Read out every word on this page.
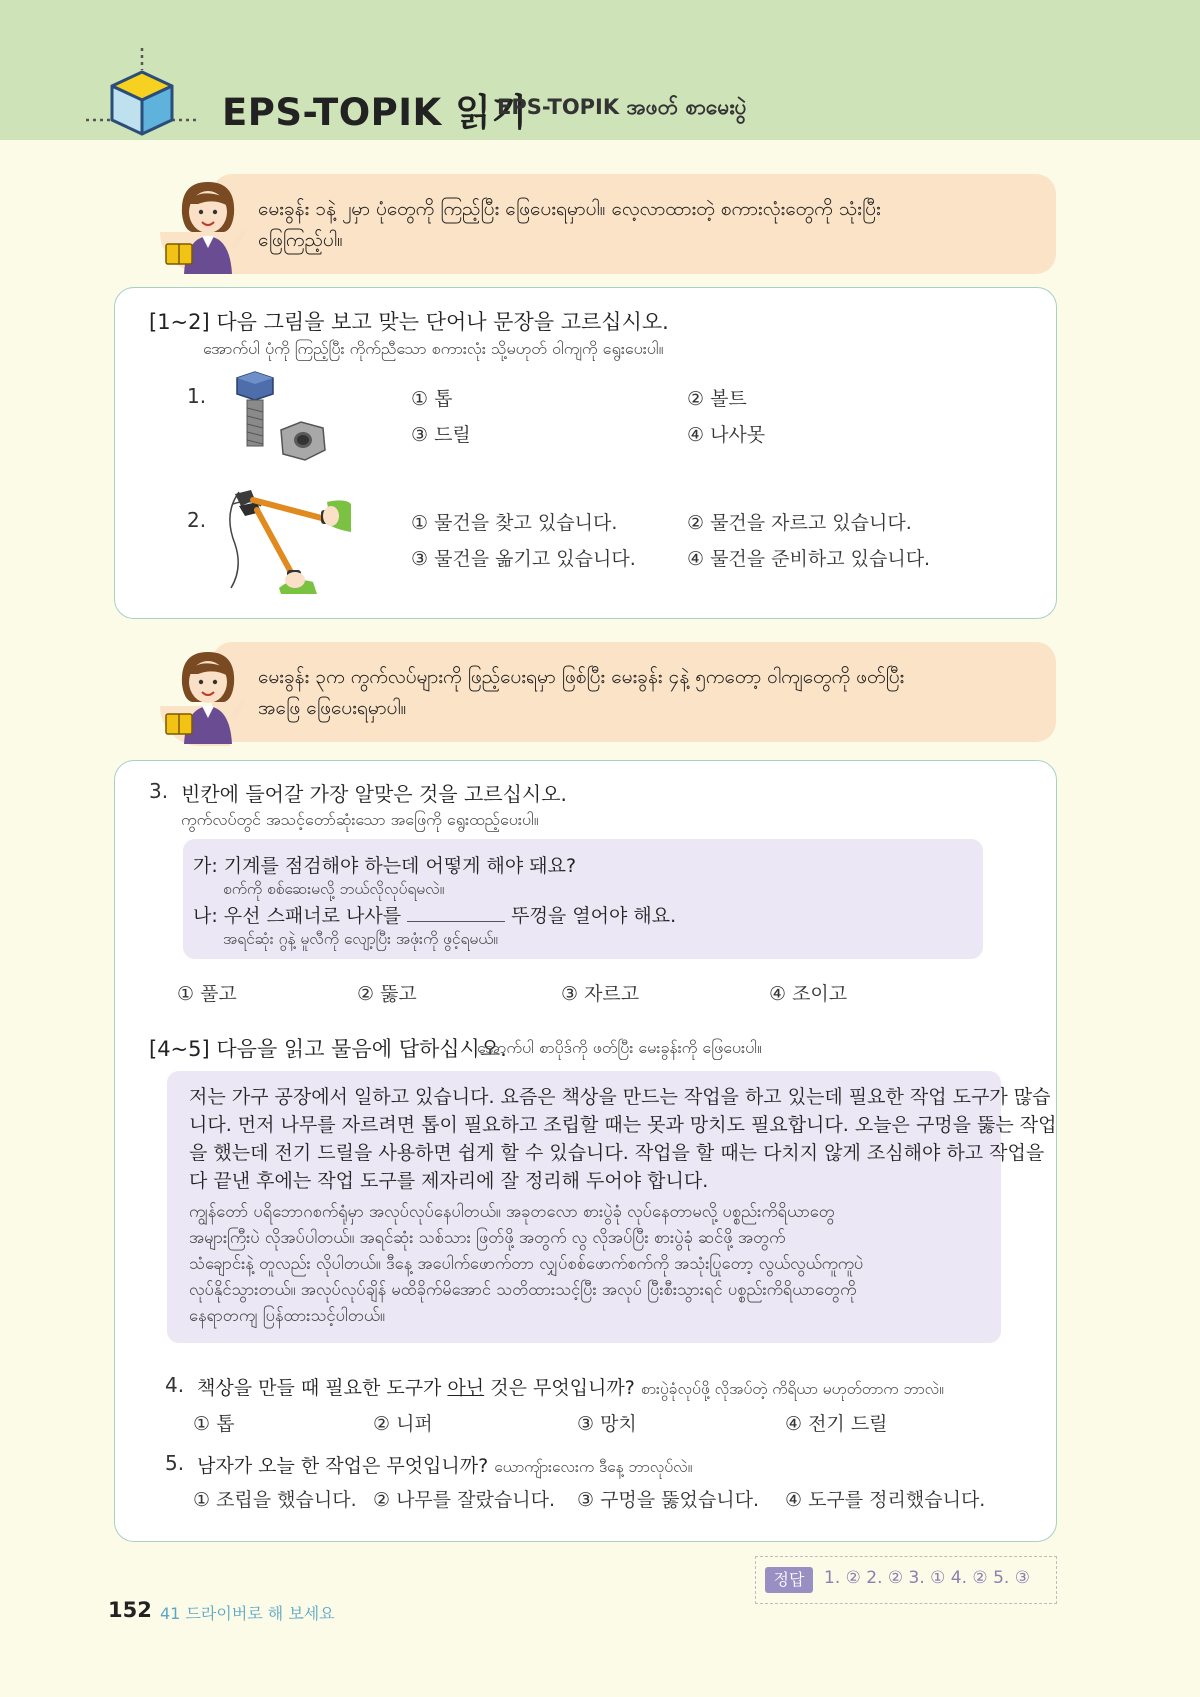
EPS-TOPIK 읽기
EPS-TOPIK အဖတ် စာမေးပွဲ
မေးခွန်း ၁နဲ့ ၂မှာ ပုံတွေကို ကြည့်ပြီး ဖြေပေးရမှာပါ။ လေ့လာထားတဲ့ စကားလုံးတွေကို သုံးပြီး
ဖြေကြည့်ပါ။
[1~2] 다음 그림을 보고 맞는 단어나 문장을 고르십시오.
အောက်ပါ ပုံကို ကြည့်ပြီး ကိုက်ညီသော စကားလုံး သို့မဟုတ် ဝါကျကို ရွေးပေးပါ။
1.	① 톱	② 볼트
③ 드릴	④ 나사못
2.	① 물건을 찾고 있습니다.	② 물건을 자르고 있습니다.
③ 물건을 옮기고 있습니다.	④ 물건을 준비하고 있습니다.
မေးခွန်း ၃က ကွက်လပ်များကို ဖြည့်ပေးရမှာ ဖြစ်ပြီး မေးခွန်း ၄နဲ့ ၅ကတော့ ဝါကျတွေကို ဖတ်ပြီး
အဖြေ ဖြေပေးရမှာပါ။
3. 빈칸에 들어갈 가장 알맞은 것을 고르십시오.
ကွက်လပ်တွင် အသင့်တော်ဆုံးသော အဖြေကို ရွေးထည့်ပေးပါ။
가: 기계를 점검해야 하는데 어떻게 해야 돼요?
စက်ကို စစ်ဆေးမလို့ ဘယ်လိုလုပ်ရမလဲ။
나: 우선 스패너로 나사를	뚜껑을 열어야 해요.
အရင်ဆုံး ဂွနဲ့ မူလီကို လျော့ပြီး အဖုံးကို ဖွင့်ရမယ်။
① 풀고	② 뚫고	③ 자르고	④ 조이고
[4~5] 다음을 읽고 물음에 답하십시오.
အောက်ပါ စာပိုဒ်ကို ဖတ်ပြီး မေးခွန်းကို ဖြေပေးပါ။
저는 가구 공장에서 일하고 있습니다. 요즘은 책상을 만드는 작업을 하고 있는데 필요한 작업 도구가 많습
니다. 먼저 나무를 자르려면 톱이 필요하고 조립할 때는 못과 망치도 필요합니다. 오늘은 구멍을 뚫는 작업
을 했는데 전기 드릴을 사용하면 쉽게 할 수 있습니다. 작업을 할 때는 다치지 않게 조심해야 하고 작업을
다 끝낸 후에는 작업 도구를 제자리에 잘 정리해 두어야 합니다.
ကျွန်တော် ပရိဘောဂစက်ရုံမှာ အလုပ်လုပ်နေပါတယ်။ အခုတလော စားပွဲခုံ လုပ်နေတာမလို့ ပစ္စည်းကိရိယာတွေ
အများကြီးပဲ လိုအပ်ပါတယ်။ အရင်ဆုံး သစ်သား ဖြတ်ဖို့ အတွက် လွ လိုအပ်ပြီး စားပွဲခုံ ဆင်ဖို့ အတွက်
သံချောင်းနဲ့ တူလည်း လိုပါတယ်။ ဒီနေ့ အပေါက်ဖောက်တာ လျှပ်စစ်ဖောက်စက်ကို အသုံးပြုတော့ လွယ်လွယ်ကူကူပဲ
လုပ်နိုင်သွားတယ်။ အလုပ်လုပ်ချိန် မထိခိုက်မိအောင် သတိထားသင့်ပြီး အလုပ် ပြီးစီးသွားရင် ပစ္စည်းကိရိယာတွေကို
နေရာတကျ ပြန်ထားသင့်ပါတယ်။
4. 책상을 만들 때 필요한 도구가 아닌 것은 무엇입니까? စားပွဲခုံလုပ်ဖို့ လိုအပ်တဲ့ ကိရိယာ မဟုတ်တာက ဘာလဲ။
① 톱	② 니퍼	③ 망치	④ 전기 드릴
5. 남자가 오늘 한 작업은 무엇입니까? ယောကျ်ားလေးက ဒီနေ့ ဘာလုပ်လဲ။
① 조립을 했습니다. ② 나무를 잘랐습니다. ③ 구멍을 뚫었습니다. ④ 도구를 정리했습니다.
정답	1. ② 2. ② 3. ① 4. ② 5. ③
152 41 드라이버로 해 보세요
